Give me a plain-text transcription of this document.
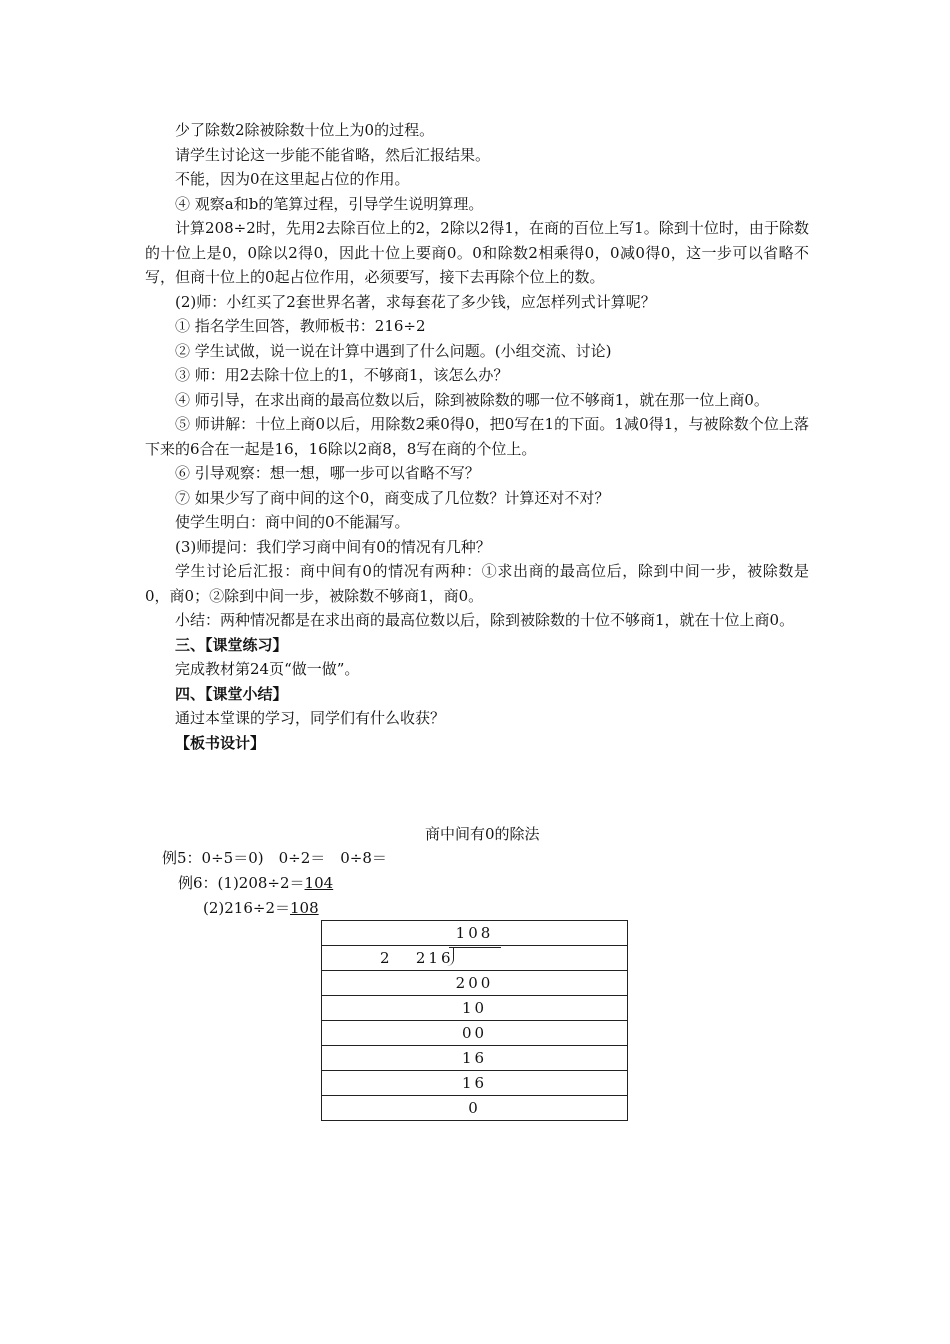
少了除数2除被除数十位上为0的过程。

请学生讨论这一步能不能省略，然后汇报结果。

不能，因为0在这里起占位的作用。

④ 观察a和b的笔算过程，引导学生说明算理。

计算208÷2时，先用2去除百位上的2，2除以2得1，在商的百位上写1。除到十位时，由于除数的十位上是0，0除以2得0，因此十位上要商0。0和除数2相乘得0，0减0得0，这一步可以省略不写，但商十位上的0起占位作用，必须要写，接下去再除个位上的数。

(2)师：小红买了2套世界名著，求每套花了多少钱，应怎样列式计算呢？

① 指名学生回答，教师板书：216÷2

② 学生试做，说一说在计算中遇到了什么问题。(小组交流、讨论)

③ 师：用2去除十位上的1，不够商1，该怎么办？

④ 师引导，在求出商的最高位数以后，除到被除数的哪一位不够商1，就在那一位上商0。

⑤ 师讲解：十位上商0以后，用除数2乘0得0，把0写在1的下面。1减0得1，与被除数个位上落下来的6合在一起是16，16除以2商8，8写在商的个位上。

⑥ 引导观察：想一想，哪一步可以省略不写？

⑦ 如果少写了商中间的这个0，商变成了几位数？计算还对不对？

使学生明白：商中间的0不能漏写。

(3)师提问：我们学习商中间有0的情况有几种？

学生讨论后汇报：商中间有0的情况有两种：①求出商的最高位后，除到中间一步，被除数是0，商0；②除到中间一步，被除数不够商1，商0。

小结：两种情况都是在求出商的最高位数以后，除到被除数的十位不够商1，就在十位上商0。

三、【课堂练习】

完成教材第24页“做一做”。

四、【课堂小结】

通过本堂课的学习，同学们有什么收获？

【板书设计】

商中间有0的除法
例5：0÷5＝0)　0÷2＝　0÷8＝
例6：(1)208÷2＝104
(2)216÷2＝108
108

2 216

200
10
00
16
16
0
